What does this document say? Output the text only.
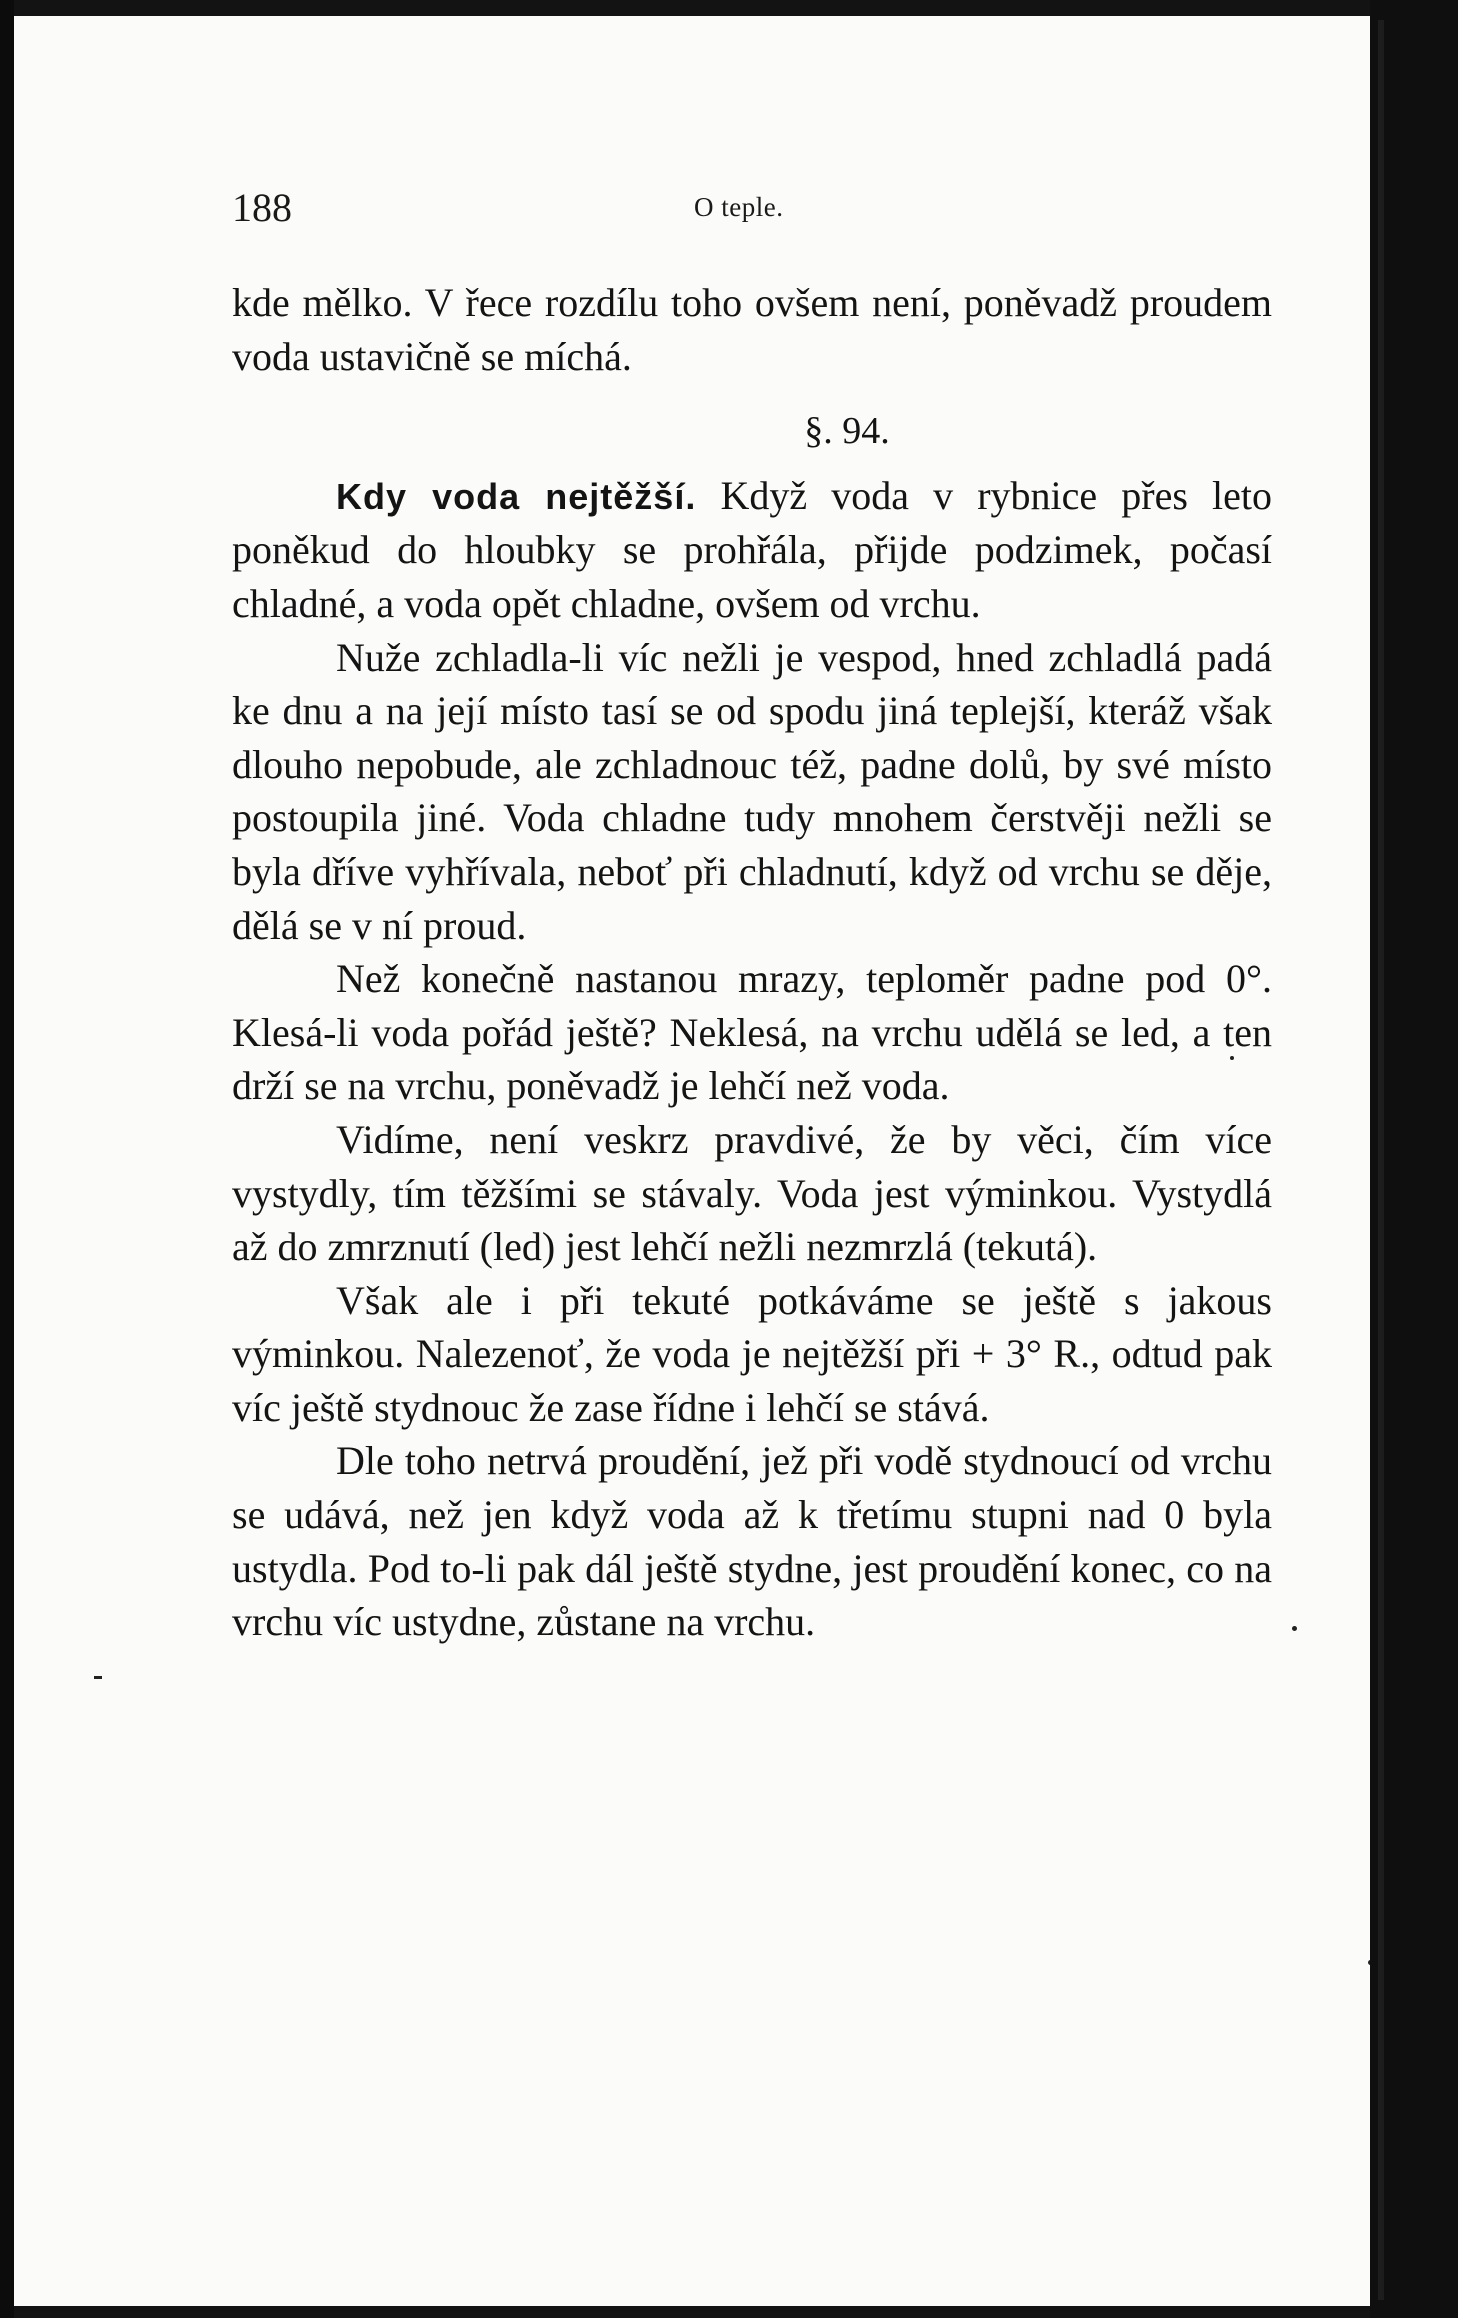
188	O teple.

kde mělko. V řece rozdílu toho ovšem není, poněvadž proudem voda ustavičně se míchá.

§. 94.

Kdy voda nejtěžší. Když voda v rybnice přes leto poněkud do hloubky se prohřála, přijde podzimek, počasí chladné, a voda opět chladne, ovšem od vrchu.

Nuže zchladla-li víc nežli je vespod, hned zchladlá padá ke dnu a na její místo tasí se od spodu jiná teplejší, kteráž však dlouho nepobude, ale zchladnouc též, padne dolů, by své místo postoupila jiné. Voda chladne tudy mnohem čerstvěji nežli se byla dříve vyhřívala, neboť při chladnutí, když od vrchu se děje, dělá se v ní proud.

Než konečně nastanou mrazy, teploměr padne pod 0°. Klesá-li voda pořád ještě? Neklesá, na vrchu udělá se led, a ten drží se na vrchu, poněvadž je lehčí než voda.

Vidíme, není veskrz pravdivé, že by věci, čím více vystydly, tím těžšími se stávaly. Voda jest výminkou. Vystydlá až do zmrznutí (led) jest lehčí nežli nezmrzlá (tekutá).

Však ale i při tekuté potkáváme se ještě s jakous výminkou. Nalezenoť, že voda je nejtěžší při + 3° R., odtud pak víc ještě stydnouc že zase řídne i lehčí se stává.

Dle toho netrvá proudění, jež při vodě stydnoucí od vrchu se udává, než jen když voda až k třetímu stupni nad 0 byla ustydla. Pod to-li pak dál ještě stydne, jest proudění konec, co na vrchu víc ustydne, zůstane na vrchu.
